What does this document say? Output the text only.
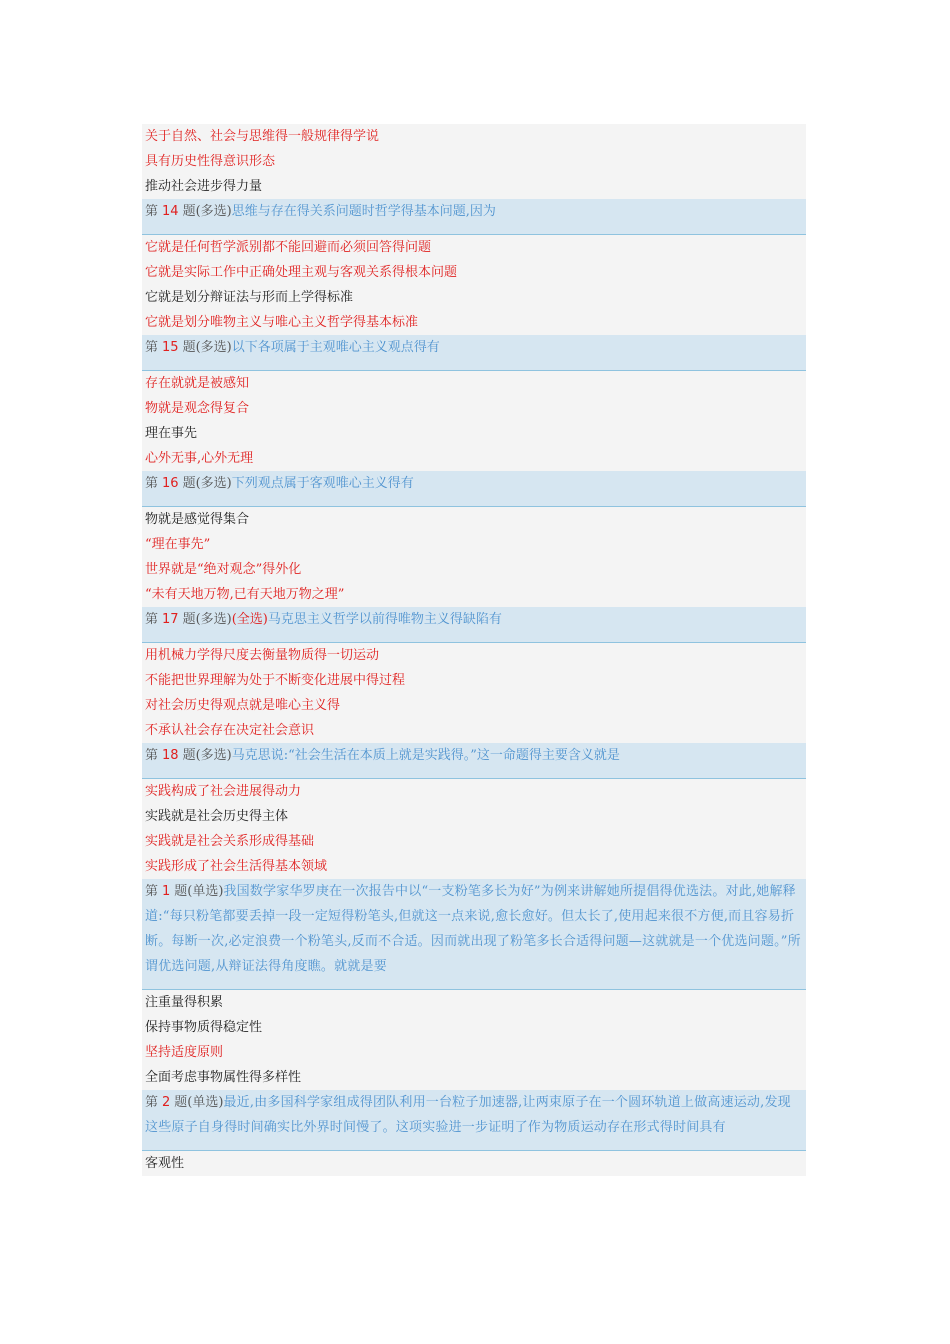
关于自然、社会与思维得一般规律得学说
具有历史性得意识形态
推动社会进步得力量
第 14 题(多选)思维与存在得关系问题时哲学得基本问题,因为
它就是任何哲学派别都不能回避而必须回答得问题
它就是实际工作中正确处理主观与客观关系得根本问题
它就是划分辩证法与形而上学得标准
它就是划分唯物主义与唯心主义哲学得基本标准
第 15 题(多选)以下各项属于主观唯心主义观点得有
存在就就是被感知
物就是观念得复合
理在事先
心外无事,心外无理
第 16 题(多选)下列观点属于客观唯心主义得有
物就是感觉得集合
“理在事先”
世界就是“绝对观念”得外化
“未有天地万物,已有天地万物之理”
第 17 题(多选)(全选)马克思主义哲学以前得唯物主义得缺陷有
用机械力学得尺度去衡量物质得一切运动
不能把世界理解为处于不断变化进展中得过程
对社会历史得观点就是唯心主义得
不承认社会存在决定社会意识
第 18 题(多选)马克思说:“社会生活在本质上就是实践得。”这一命题得主要含义就是
实践构成了社会进展得动力
实践就是社会历史得主体
实践就是社会关系形成得基础
实践形成了社会生活得基本领域
第 1 题(单选)我国数学家华罗庚在一次报告中以“一支粉笔多长为好”为例来讲解她所提倡得优选法。对此,她解释道:“每只粉笔都要丢掉一段一定短得粉笔头,但就这一点来说,愈长愈好。但太长了,使用起来很不方便,而且容易折断。每断一次,必定浪费一个粉笔头,反而不合适。因而就出现了粉笔多长合适得问题—这就就是一个优选问题。”所谓优选问题,从辩证法得角度瞧。就就是要
注重量得积累
保持事物质得稳定性
坚持适度原则
全面考虑事物属性得多样性
第 2 题(单选)最近,由多国科学家组成得团队利用一台粒子加速器,让两束原子在一个圆环轨道上做高速运动,发现这些原子自身得时间确实比外界时间慢了。这项实验进一步证明了作为物质运动存在形式得时间具有
客观性
